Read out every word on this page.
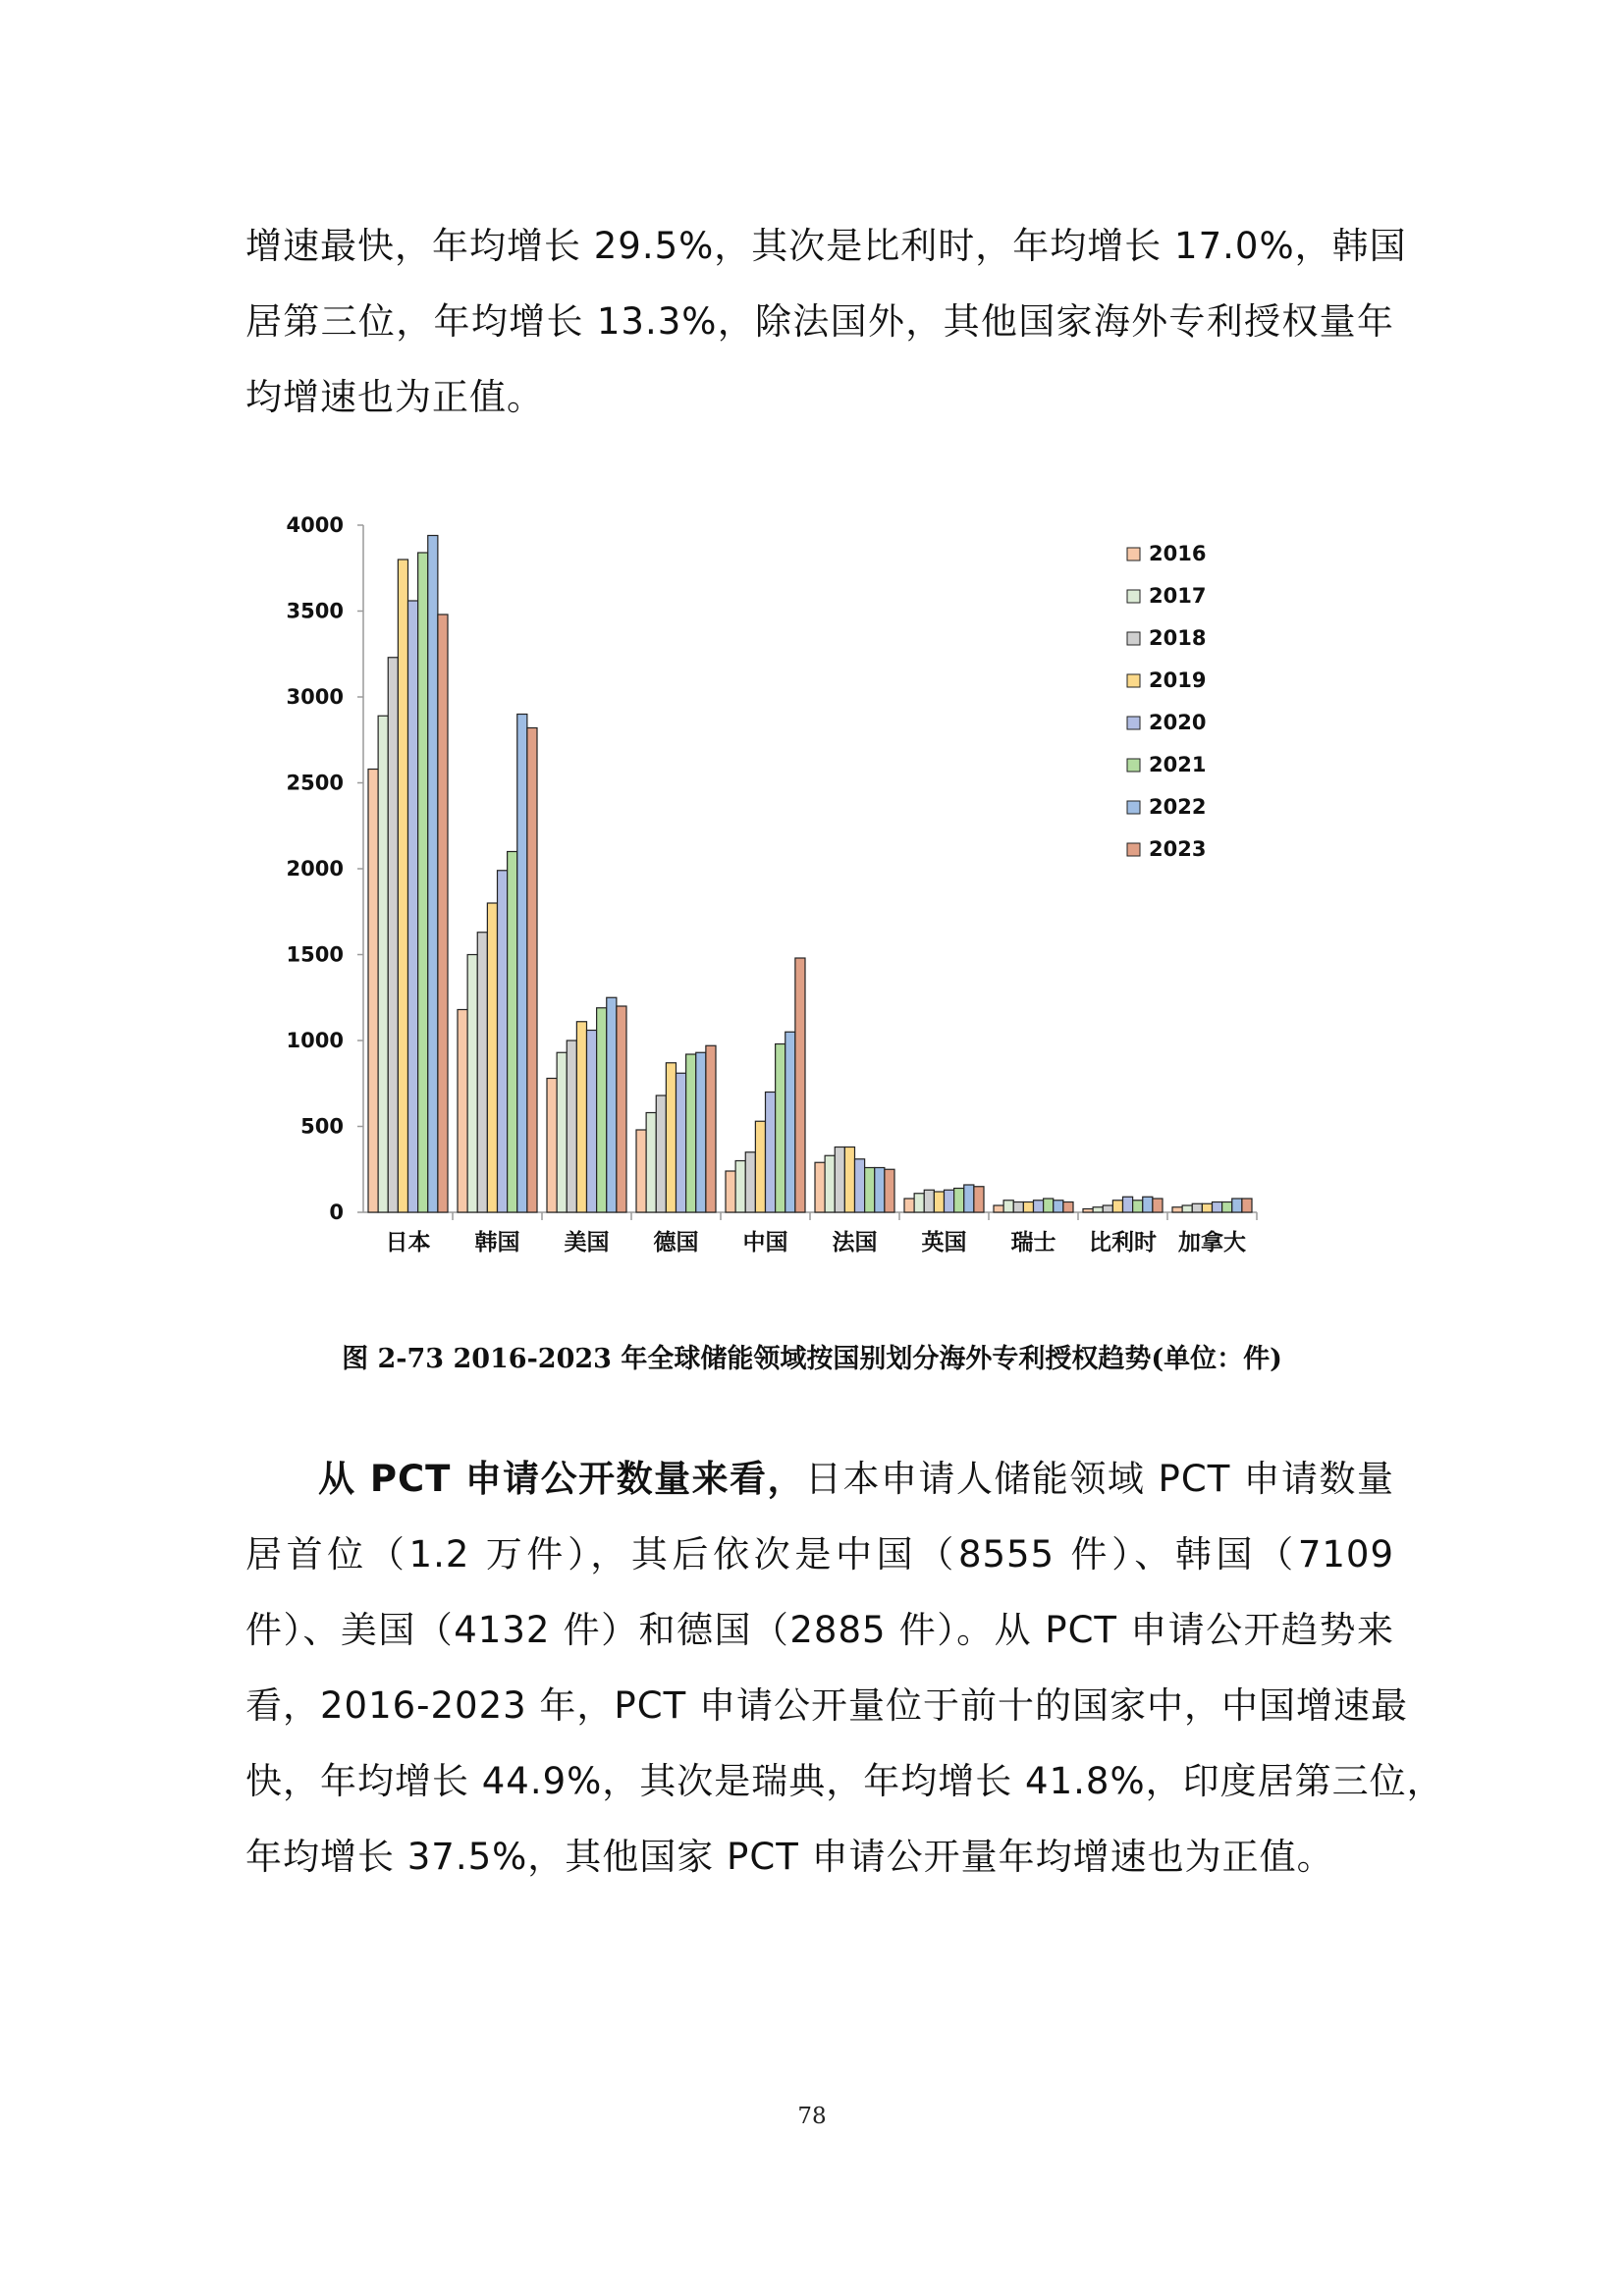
增速最快，年均增长 29.5%，其次是比利时，年均增长 17.0%，韩国
居第三位，年均增长 13.3%，除法国外，其他国家海外专利授权量年
均增速也为正值。
0
500
1000
1500
2000
2500
3000
3500
4000
日本 韩国 美国 德国 中国 法国 英国 瑞士 比利时 加拿大
2016
2017
2018
2019
2020
2021
2022
2023
图 2-73 2016-2023 年全球储能领域按国别划分海外专利授权趋势(单位：件)
从 PCT 申请公开数量来看，日本申请人储能领域 PCT 申请数量
居首位（1.2 万件），其后依次是中国（8555 件）、韩国（7109
件）、美国（4132 件）和德国（2885 件）。从 PCT 申请公开趋势来
看，2016-2023 年，PCT 申请公开量位于前十的国家中，中国增速最
快，年均增长 44.9%，其次是瑞典，年均增长 41.8%，印度居第三位，
年均增长 37.5%，其他国家 PCT 申请公开量年均增速也为正值。
78
